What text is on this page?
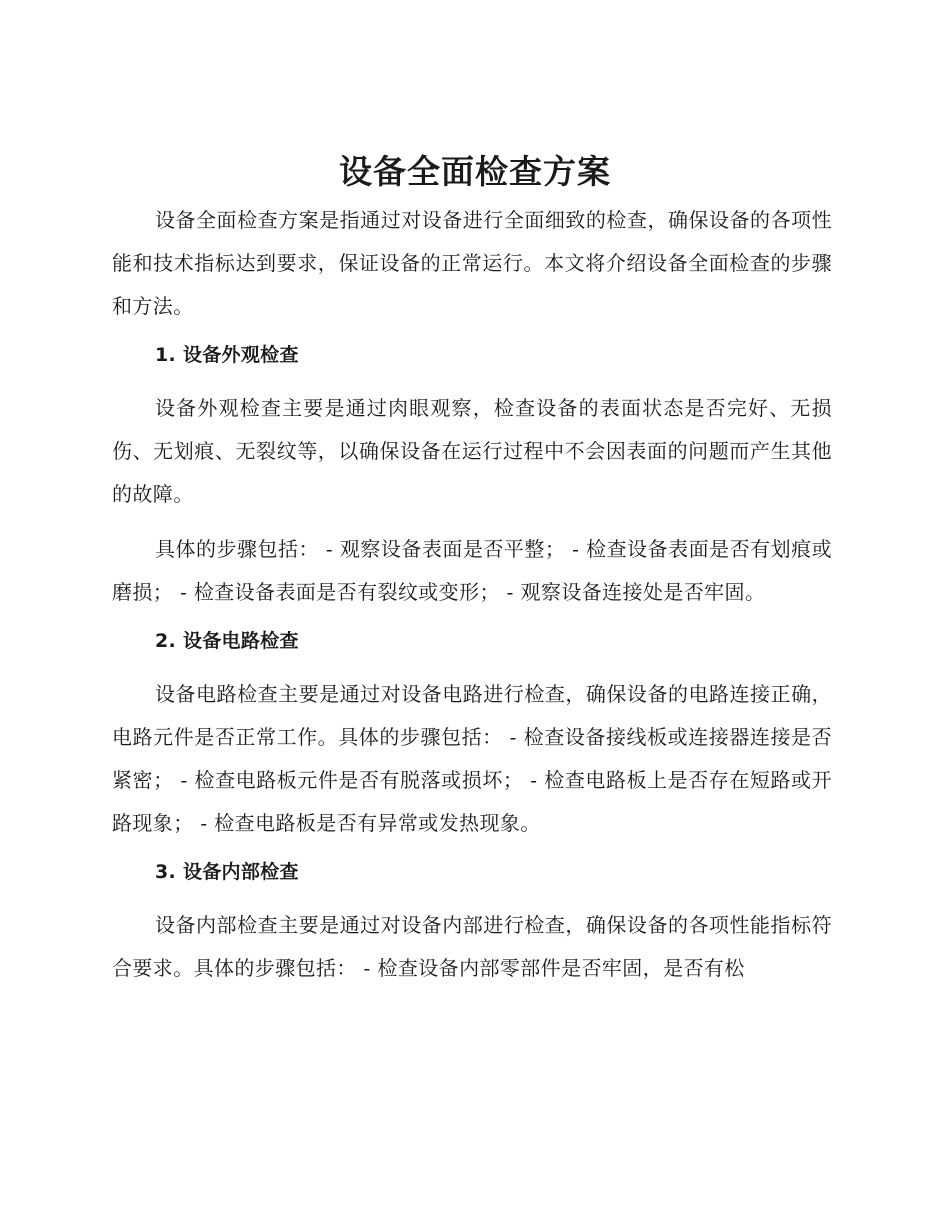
设备全面检查方案

设备全面检查方案是指通过对设备进行全面细致的检查，确保设备的各项性能和技术指标达到要求，保证设备的正常运行。本文将介绍设备全面检查的步骤和方法。

1. 设备外观检查

设备外观检查主要是通过肉眼观察，检查设备的表面状态是否完好、无损伤、无划痕、无裂纹等，以确保设备在运行过程中不会因表面的问题而产生其他的故障。

具体的步骤包括： - 观察设备表面是否平整； - 检查设备表面是否有划痕或磨损； - 检查设备表面是否有裂纹或变形； - 观察设备连接处是否牢固。

2. 设备电路检查

设备电路检查主要是通过对设备电路进行检查，确保设备的电路连接正确，电路元件是否正常工作。具体的步骤包括： - 检查设备接线板或连接器连接是否紧密； - 检查电路板元件是否有脱落或损坏； - 检查电路板上是否存在短路或开路现象； - 检查电路板是否有异常或发热现象。

3. 设备内部检查

设备内部检查主要是通过对设备内部进行检查，确保设备的各项性能指标符合要求。具体的步骤包括： - 检查设备内部零部件是否牢固，是否有松
